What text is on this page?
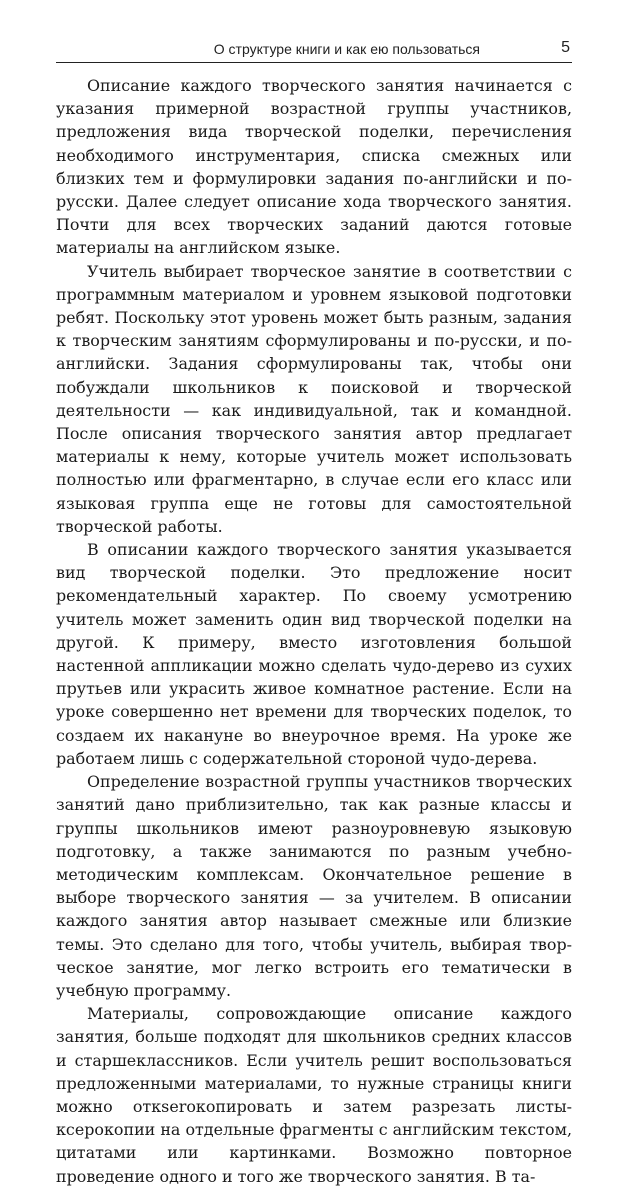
О структуре книги и как ею пользоваться	5

Описание каждого творческого занятия начинается с указания примерной возрастной группы участников, предложения вида творческой поделки, перечисления необходимого инструментария, списка смежных или близких тем и формулировки задания по-английски и по-русски. Далее следует описание хода творческого занятия. Почти для всех творческих заданий даются готовые материалы на английском языке.

Учитель выбирает творческое занятие в соответствии с программным материалом и уровнем языковой подготовки ребят. Поскольку этот уровень может быть разным, задания к творческим занятиям сформулированы и по-русски, и по-английски. Задания сформулированы так, чтобы они побуждали школьников к поисковой и творческой деятельности — как индивидуальной, так и командной. После описания творческого занятия автор предлагает материалы к нему, которые учитель может использовать полностью или фрагментарно, в случае если его класс или языковая группа еще не готовы для самостоятельной творческой работы.

В описании каждого творческого занятия указывается вид творческой поделки. Это предложение носит рекомендательный характер. По своему усмотрению учитель может заменить один вид творческой поделки на другой. К примеру, вместо изготовления большой настенной аппликации можно сделать чудо-дерево из сухих прутьев или украсить живое комнатное растение. Если на уроке совершенно нет времени для творческих поделок, то создаем их накануне во внеурочное время. На уроке же работаем лишь с содержательной стороной чудо-дерева.

Определение возрастной группы участников творческих занятий дано приблизительно, так как разные классы и группы школьников имеют разноуровневую языковую подготовку, а также занимаются по разным учебно-методическим комплексам. Окончательное решение в выборе творческого занятия — за учителем. В описании каждого занятия автор называет смежные или близкие темы. Это сделано для того, чтобы учитель, выбирая творческое занятие, мог легко встроить его тематически в учебную программу.

Материалы, сопровождающие описание каждого занятия, больше подходят для школьников средних классов и старшеклассников. Если учитель решит воспользоваться предложенными материалами, то нужные страницы книги можно откserокопировать и затем разрезать листы-ксерокопии на отдельные фрагменты с английским текстом, цитатами или картинками. Возможно повторное проведение одного и того же творческого занятия. В та-
